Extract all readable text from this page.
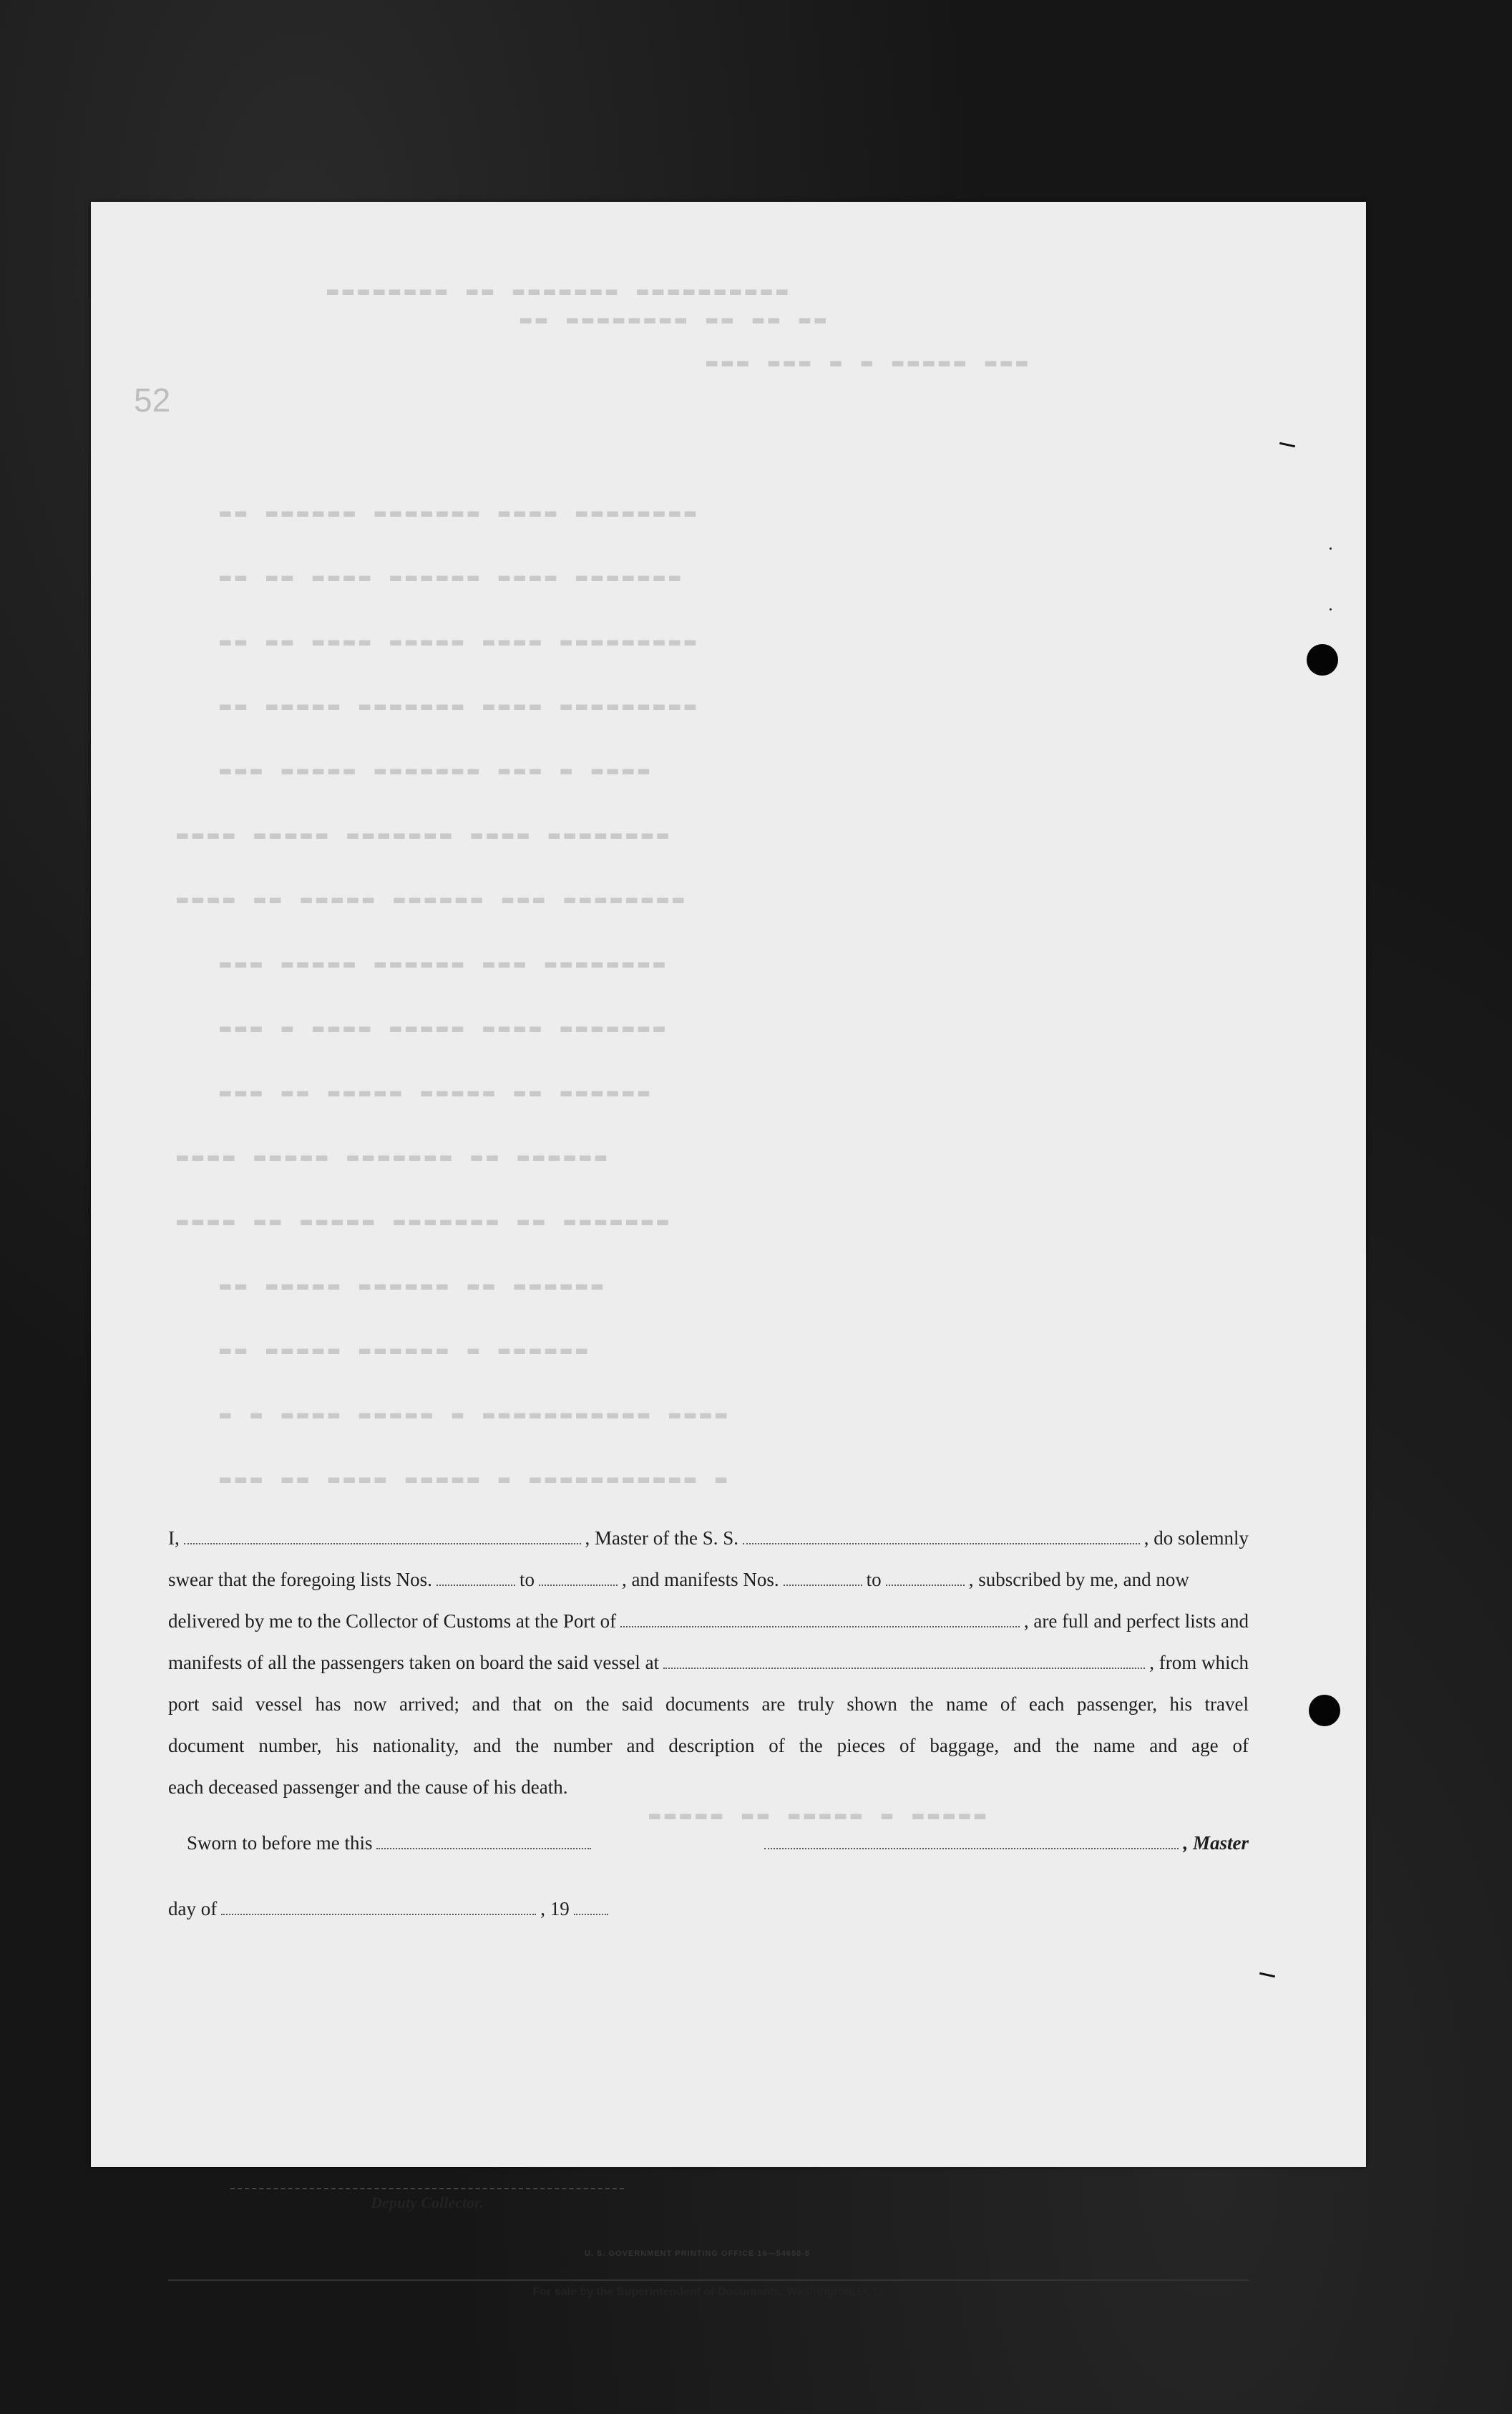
▬▬▬▬▬▬▬▬ ▬▬ ▬▬▬▬▬▬▬ ▬▬▬▬▬▬▬▬▬▬
▬▬ ▬▬▬▬▬▬▬▬ ▬▬ ▬▬ ▬▬
▬▬▬ ▬▬▬ ▬ ▬ ▬▬▬▬▬ ▬▬▬
52
▬▬ ▬▬▬▬▬▬ ▬▬▬▬▬▬▬ ▬▬▬▬ ▬▬▬▬▬▬▬▬
▬▬ ▬▬ ▬▬▬▬ ▬▬▬▬▬▬ ▬▬▬▬ ▬▬▬▬▬▬▬
▬▬ ▬▬ ▬▬▬▬ ▬▬▬▬▬ ▬▬▬▬ ▬▬▬▬▬▬▬▬▬
▬▬ ▬▬▬▬▬ ▬▬▬▬▬▬▬ ▬▬▬▬ ▬▬▬▬▬▬▬▬▬
▬▬▬ ▬▬▬▬▬ ▬▬▬▬▬▬▬ ▬▬▬ ▬ ▬▬▬▬
▬▬▬▬ ▬▬▬▬▬ ▬▬▬▬▬▬▬ ▬▬▬▬ ▬▬▬▬▬▬▬▬
▬▬▬▬ ▬▬ ▬▬▬▬▬ ▬▬▬▬▬▬ ▬▬▬ ▬▬▬▬▬▬▬▬
▬▬▬ ▬▬▬▬▬ ▬▬▬▬▬▬ ▬▬▬ ▬▬▬▬▬▬▬▬
▬▬▬ ▬ ▬▬▬▬ ▬▬▬▬▬ ▬▬▬▬ ▬▬▬▬▬▬▬
▬▬▬ ▬▬ ▬▬▬▬▬ ▬▬▬▬▬ ▬▬ ▬▬▬▬▬▬
▬▬▬▬ ▬▬▬▬▬ ▬▬▬▬▬▬▬ ▬▬ ▬▬▬▬▬▬
▬▬▬▬ ▬▬ ▬▬▬▬▬ ▬▬▬▬▬▬▬ ▬▬ ▬▬▬▬▬▬▬
▬▬ ▬▬▬▬▬ ▬▬▬▬▬▬ ▬▬ ▬▬▬▬▬▬
▬▬ ▬▬▬▬▬ ▬▬▬▬▬▬ ▬ ▬▬▬▬▬▬
▬ ▬ ▬▬▬▬ ▬▬▬▬▬ ▬ ▬▬▬▬▬▬▬▬▬▬▬ ▬▬▬▬
▬▬▬ ▬▬ ▬▬▬▬ ▬▬▬▬▬ ▬ ▬▬▬▬▬▬▬▬▬▬▬ ▬
▬▬▬▬▬ ▬▬ ▬▬▬▬▬ ▬ ▬▬▬▬▬
I,	, Master of the S. S.	, do solemnly
swear that the foregoing lists Nos.	to	, and manifests Nos.	to	, subscribed by me, and now
delivered by me to the Collector of Customs at the Port of	, are full and perfect lists and
manifests of all the passengers taken on board the said vessel at	, from which
port said vessel has now arrived; and that on the said documents are truly shown the name of each passenger, his travel
document number, his nationality, and the number and description of the pieces of baggage, and the name and age of
each deceased passenger and the cause of his death.
Sworn to before me this	, Master
day of	, 19
Deputy Collector.
U. S. GOVERNMENT PRINTING OFFICE 16—54650-5
For sale by the Superintendent of Documents, Washington, D. C.
